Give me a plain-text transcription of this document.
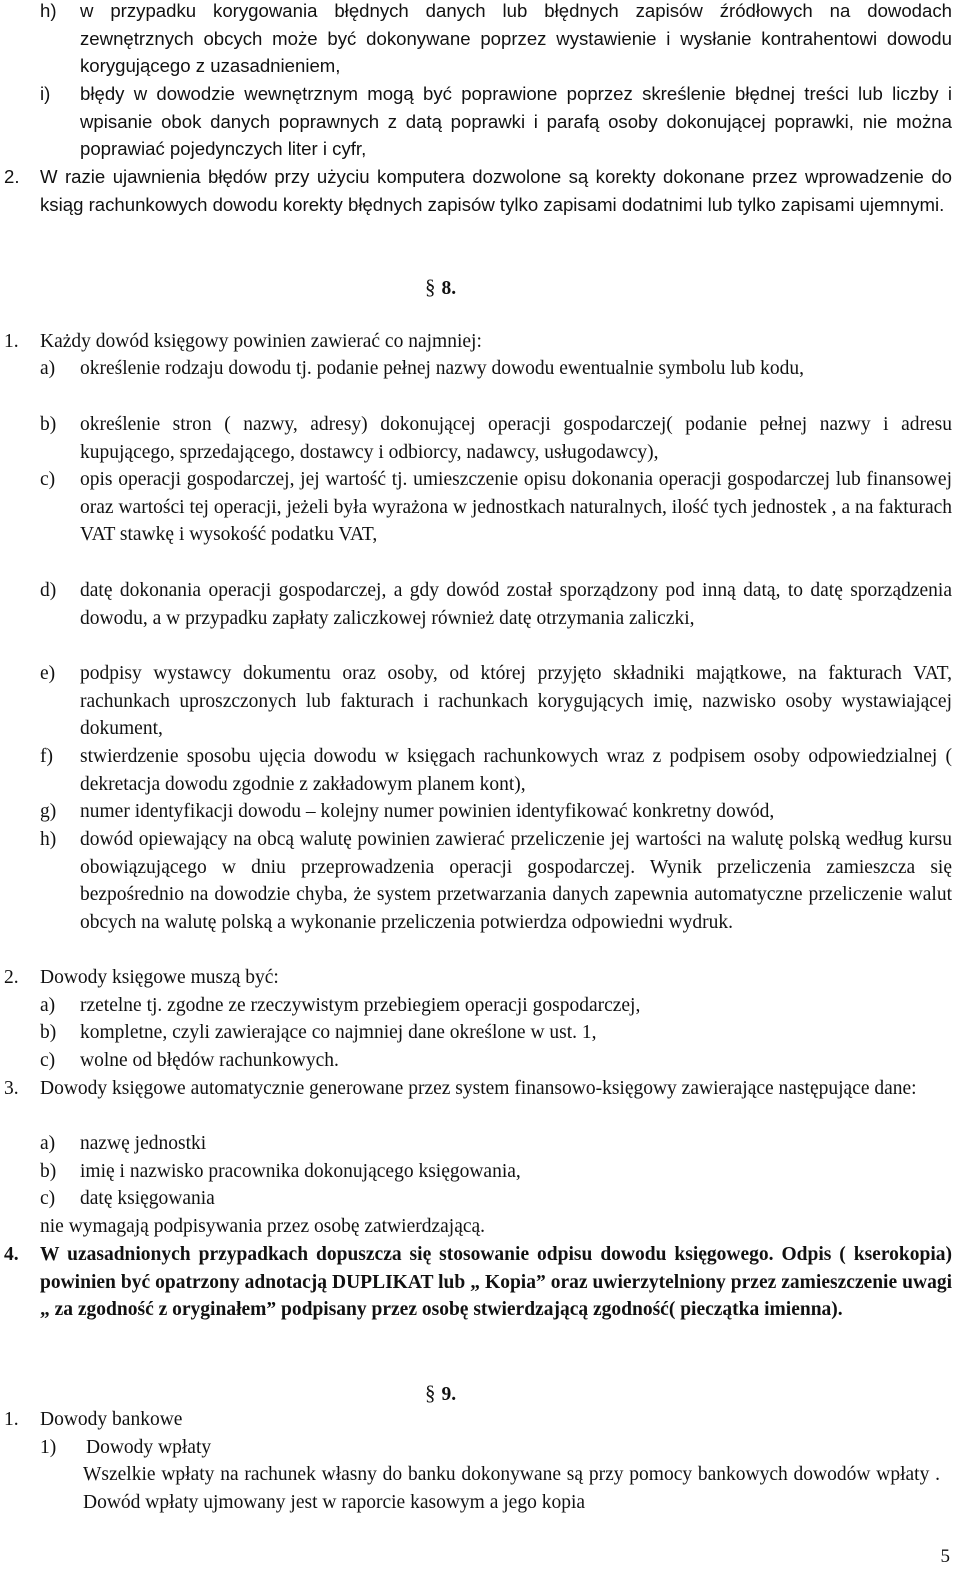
h) w przypadku korygowania błędnych danych lub błędnych zapisów źródłowych na dowodach zewnętrznych obcych może być dokonywane poprzez wystawienie i wysłanie kontrahentowi dowodu korygującego z uzasadnieniem,
i) błędy w dowodzie wewnętrznym mogą być poprawione poprzez skreślenie błędnej treści lub liczby i wpisanie obok danych poprawnych z datą poprawki i parafą osoby dokonującej poprawki, nie można poprawiać pojedynczych liter i cyfr,
2. W razie ujawnienia błędów przy użyciu komputera dozwolone są korekty dokonane przez wprowadzenie do ksiąg rachunkowych dowodu korekty błędnych zapisów tylko zapisami dodatnimi lub tylko zapisami ujemnymi.
§ 8.
1. Każdy dowód księgowy powinien zawierać co najmniej:
a) określenie rodzaju dowodu tj. podanie pełnej nazwy dowodu ewentualnie symbolu lub kodu,
b) określenie stron ( nazwy, adresy) dokonującej operacji gospodarczej( podanie pełnej nazwy i adresu kupującego, sprzedającego, dostawcy i odbiorcy, nadawcy, usługodawcy),
c) opis operacji gospodarczej, jej wartość tj. umieszczenie opisu dokonania operacji gospodarczej lub finansowej oraz wartości tej operacji, jeżeli była wyrażona w jednostkach naturalnych, ilość tych jednostek , a na fakturach VAT stawkę i wysokość podatku VAT,
d) datę dokonania operacji gospodarczej, a gdy dowód został sporządzony pod inną datą, to datę sporządzenia dowodu, a w przypadku zapłaty zaliczkowej również datę otrzymania zaliczki,
e) podpisy wystawcy dokumentu oraz osoby, od której przyjęto składniki majątkowe, na fakturach VAT, rachunkach uproszczonych lub fakturach i rachunkach korygujących imię, nazwisko osoby wystawiającej dokument,
f) stwierdzenie sposobu ujęcia dowodu w księgach rachunkowych wraz z podpisem osoby odpowiedzialnej ( dekretacja dowodu zgodnie z zakładowym planem kont),
g) numer identyfikacji dowodu – kolejny numer powinien identyfikować konkretny dowód,
h) dowód opiewający na obcą walutę powinien zawierać przeliczenie jej wartości na walutę polską według kursu obowiązującego w dniu przeprowadzenia operacji gospodarczej. Wynik przeliczenia zamieszcza się bezpośrednio na dowodzie chyba, że system przetwarzania danych zapewnia automatyczne przeliczenie walut obcych na walutę polską a wykonanie przeliczenia potwierdza odpowiedni wydruk.
2. Dowody księgowe muszą być:
a) rzetelne tj. zgodne ze rzeczywistym przebiegiem operacji gospodarczej,
b) kompletne, czyli zawierające co najmniej dane określone w ust. 1,
c) wolne od błędów rachunkowych.
3. Dowody księgowe automatycznie generowane przez system finansowo-księgowy zawierające następujące dane:
a) nazwę jednostki
b) imię i nazwisko pracownika dokonującego księgowania,
c) datę księgowania
nie wymagają podpisywania przez osobę zatwierdzającą.
4. W uzasadnionych przypadkach dopuszcza się stosowanie odpisu dowodu księgowego. Odpis ( kserokopia) powinien być opatrzony adnotacją DUPLIKAT lub „ Kopia” oraz uwierzytelniony przez zamieszczenie uwagi „ za zgodność z oryginałem” podpisany przez osobę stwierdzającą zgodność( pieczątka imienna).
§ 9.
1. Dowody bankowe
1) Dowody wpłaty
Wszelkie wpłaty na rachunek własny do banku dokonywane są przy pomocy bankowych dowodów wpłaty . Dowód wpłaty ujmowany jest w raporcie kasowym a jego kopia
5
